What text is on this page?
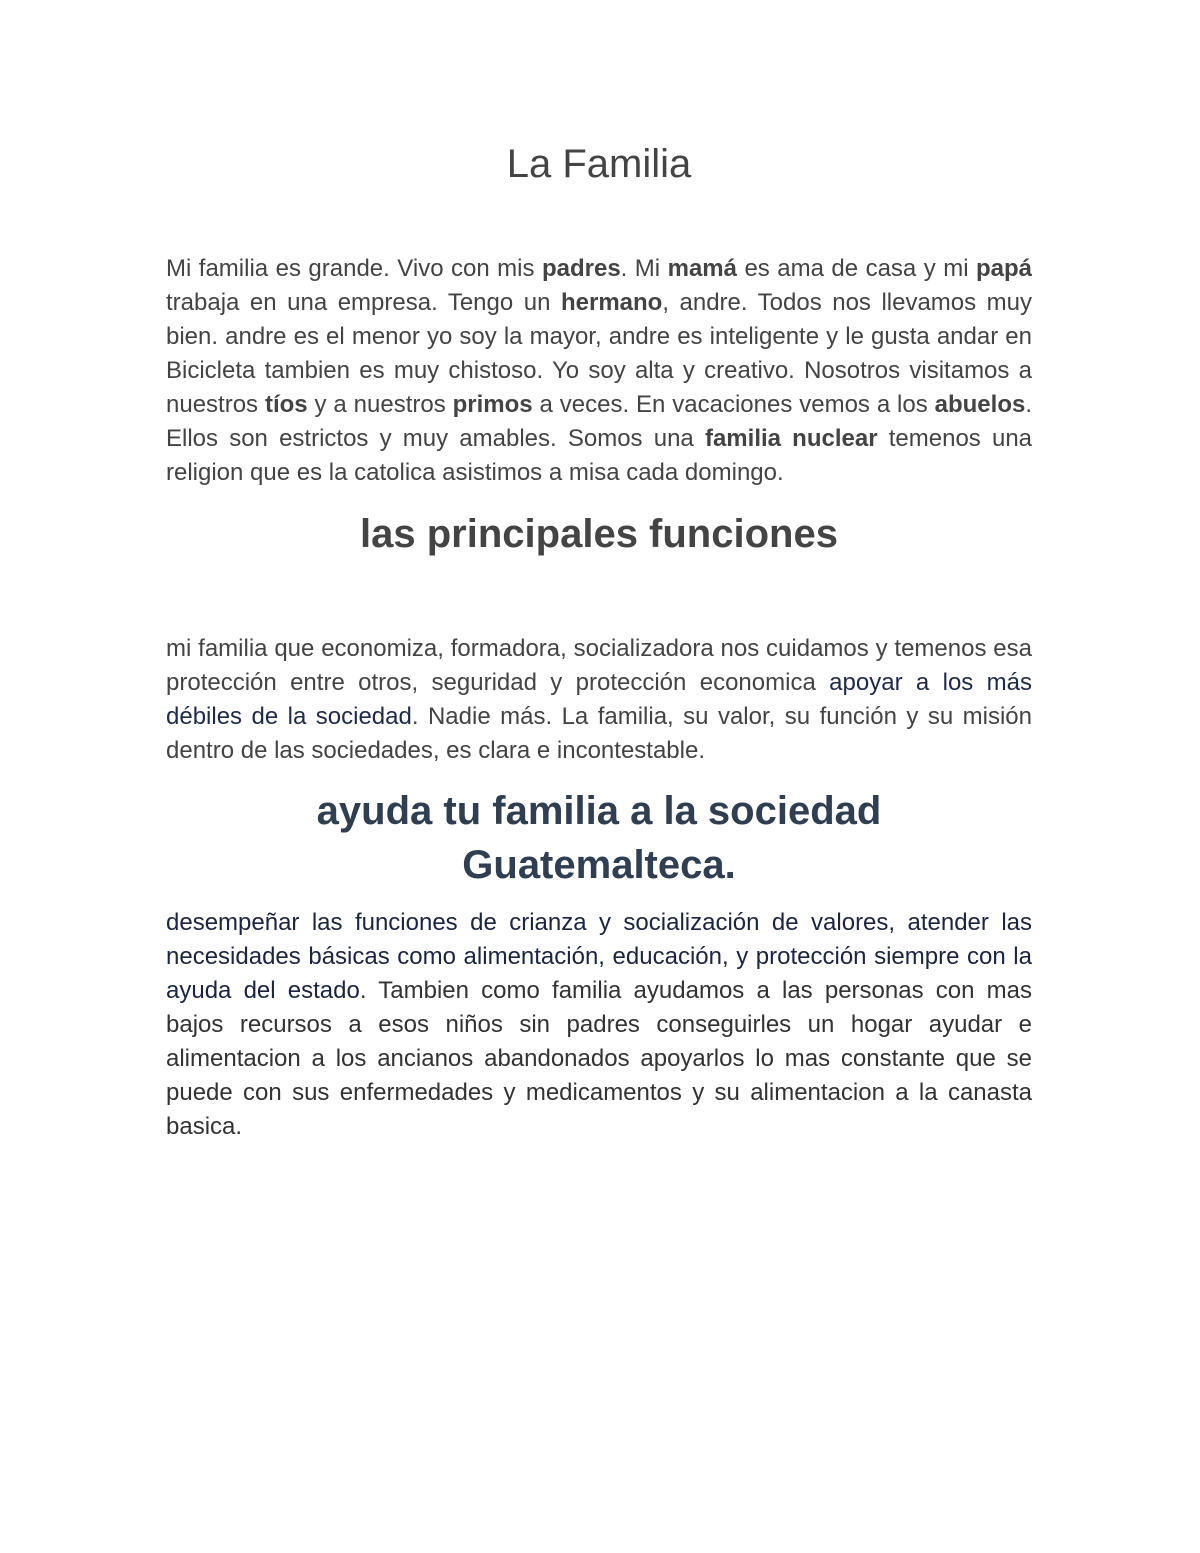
La Familia

Mi familia es grande. Vivo con mis padres. Mi mamá es ama de casa y mi papá trabaja en una empresa. Tengo un hermano, andre. Todos nos llevamos muy bien. andre es el menor yo soy la mayor, andre es inteligente y le gusta andar en Bicicleta tambien es muy chistoso. Yo soy alta y creativo. Nosotros visitamos a nuestros tíos y a nuestros primos a veces. En vacaciones vemos a los abuelos. Ellos son estrictos y muy amables. Somos una familia nuclear temenos una religion que es la catolica asistimos a misa cada domingo.

las principales funciones

mi familia que economiza, formadora, socializadora nos cuidamos y temenos esa protección entre otros, seguridad y protección economica apoyar a los más débiles de la sociedad. Nadie más. La familia, su valor, su función y su misión dentro de las sociedades, es clara e incontestable.

ayuda tu familia a la sociedad
Guatemalteca.

desempeñar las funciones de crianza y socialización de valores, atender las necesidades básicas como alimentación, educación, y protección siempre con la ayuda del estado. Tambien como familia ayudamos a las personas con mas bajos recursos a esos niños sin padres conseguirles un hogar ayudar e alimentacion a los ancianos abandonados apoyarlos lo mas constante que se puede con sus enfermedades y medicamentos y su alimentacion a la canasta basica.
